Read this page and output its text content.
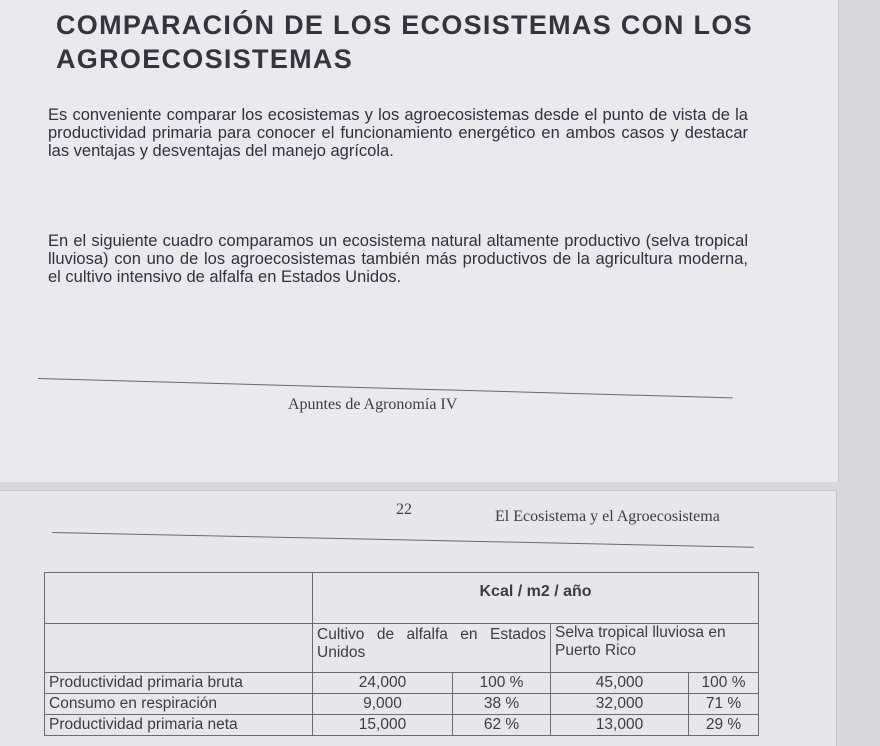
COMPARACIÓN DE LOS ECOSISTEMAS CON LOS AGROECOSISTEMAS

Es conveniente comparar los ecosistemas y los agroecosistemas desde el punto de vista de la productividad primaria para conocer el funcionamiento energético en ambos casos y destacar las ventajas y desventajas del manejo agrícola.

En el siguiente cuadro comparamos un ecosistema natural altamente productivo (selva tropical lluviosa) con uno de los agroecosistemas también más productivos de la agricultura moderna, el cultivo intensivo de alfalfa en Estados Unidos.

Apuntes de Agronomía IV
22	El Ecosistema y el Agroecosistema
	Kcal / m2 / año			
	Cultivo de alfalfa en Estados Unidos		Selva tropical lluviosa en Puerto Rico	
Productividad primaria bruta	24,000	100 %	45,000	100 %
Consumo en respiración	9,000	38 %	32,000	71 %
Productividad primaria neta	15,000	62 %	13,000	29 %
